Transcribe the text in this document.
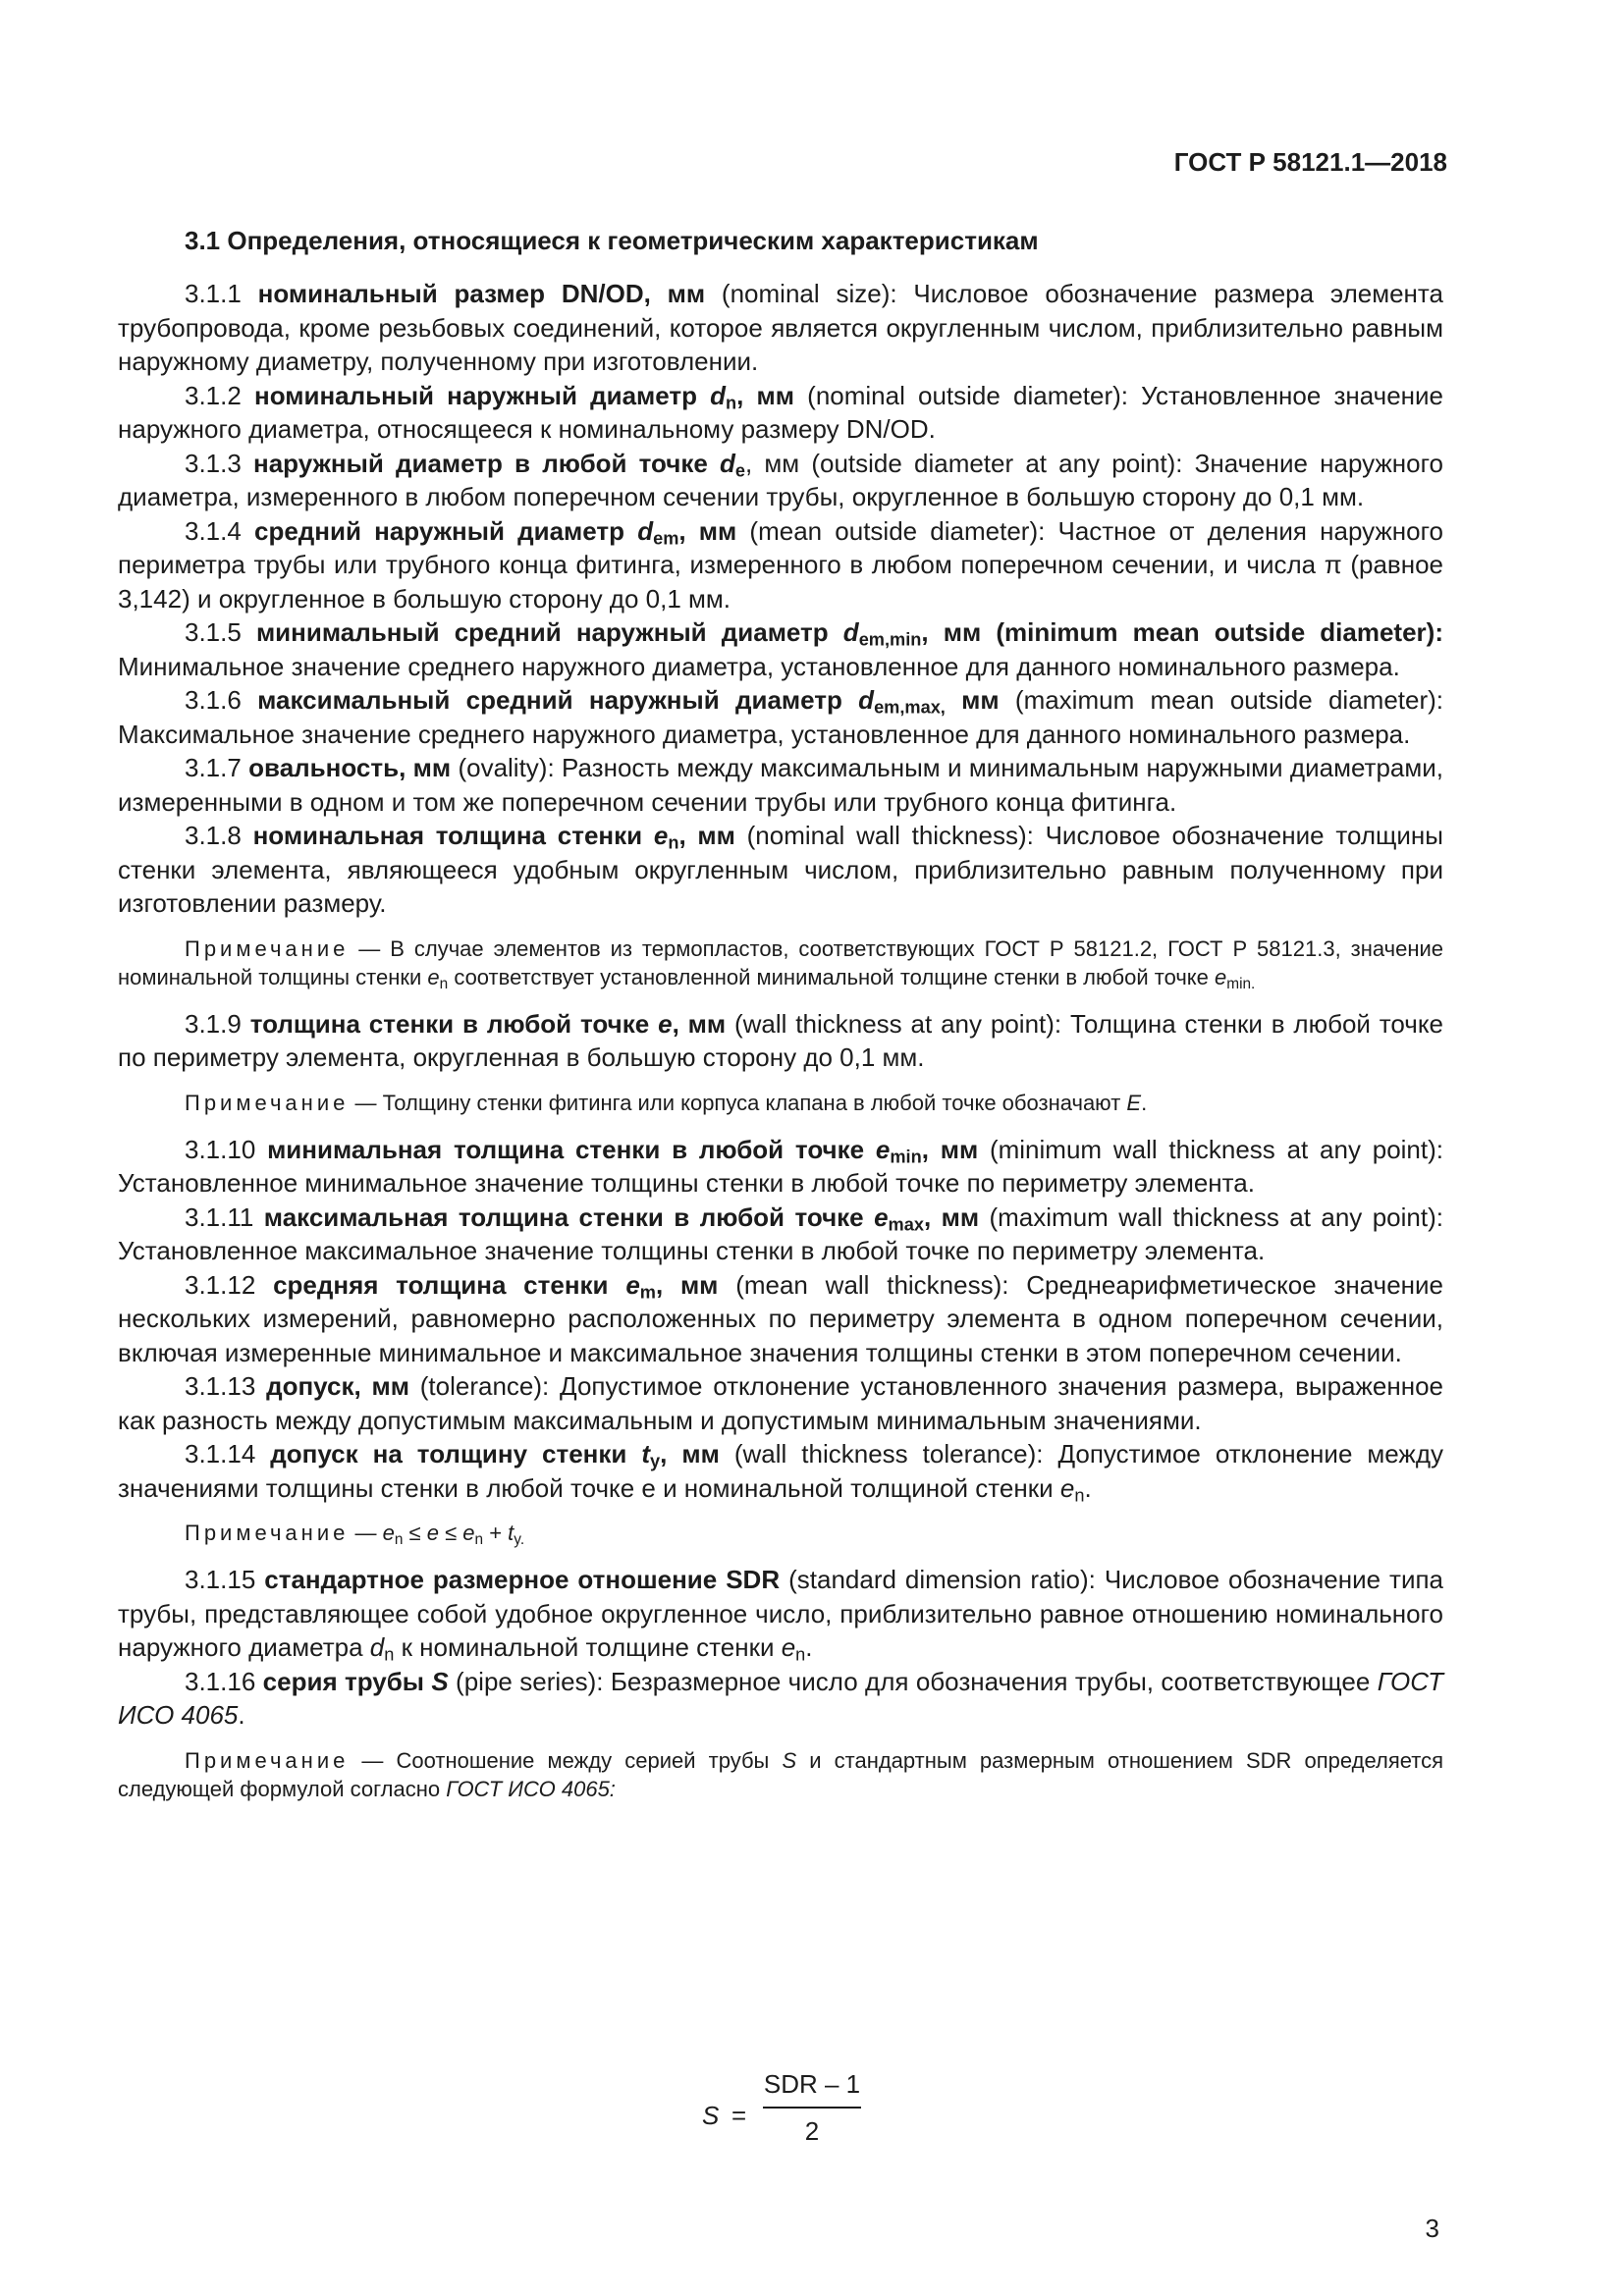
ГОСТ Р 58121.1—2018
3.1 Определения, относящиеся к геометрическим характеристикам

3.1.1 номинальный размер DN/OD, мм (nominal size): Числовое обозначение размера элемента трубопровода, кроме резьбовых соединений, которое является округленным числом, приблизительно равным наружному диаметру, полученному при изготовлении.

3.1.2 номинальный наружный диаметр $d_n$, мм (nominal outside diameter): Установленное значение наружного диаметра, относящееся к номинальному размеру DN/OD.

3.1.3 наружный диаметр в любой точке $d_e$, мм (outside diameter at any point): Значение наружного диаметра, измеренного в любом поперечном сечении трубы, округленное в большую сторону до 0,1 мм.

3.1.4 средний наружный диаметр $d_{em}$, мм (mean outside diameter): Частное от деления наружного периметра трубы или трубного конца фитинга, измеренного в любом поперечном сечении, и числа π (равное 3,142) и округленное в большую сторону до 0,1 мм.

3.1.5 минимальный средний наружный диаметр $d_{em,min}$, мм (minimum mean outside diameter): Минимальное значение среднего наружного диаметра, установленное для данного номинального размера.

3.1.6 максимальный средний наружный диаметр $d_{em,max,}$ мм (maximum mean outside diameter): Максимальное значение среднего наружного диаметра, установленное для данного номинального размера.

3.1.7 овальность, мм (ovality): Разность между максимальным и минимальным наружными диаметрами, измеренными в одном и том же поперечном сечении трубы или трубного конца фитинга.

3.1.8 номинальная толщина стенки $e_n$, мм (nominal wall thickness): Числовое обозначение толщины стенки элемента, являющееся удобным округленным числом, приблизительно равным полученному при изготовлении размеру.

Примечание — В случае элементов из термопластов, соответствующих ГОСТ Р 58121.2, ГОСТ Р 58121.3, значение номинальной толщины стенки $e_n$ соответствует установленной минимальной толщине стенки в любой точке $e_{min.}$

3.1.9 толщина стенки в любой точке e, мм (wall thickness at any point): Толщина стенки в любой точке по периметру элемента, округленная в большую сторону до 0,1 мм.

Примечание — Толщину стенки фитинга или корпуса клапана в любой точке обозначают E.

3.1.10 минимальная толщина стенки в любой точке $e_{min}$, мм (minimum wall thickness at any point): Установленное минимальное значение толщины стенки в любой точке по периметру элемента.

3.1.11 максимальная толщина стенки в любой точке $e_{max}$, мм (maximum wall thickness at any point): Установленное максимальное значение толщины стенки в любой точке по периметру элемента.

3.1.12 средняя толщина стенки $e_m$, мм (mean wall thickness): Среднеарифметическое значение нескольких измерений, равномерно расположенных по периметру элемента в одном поперечном сечении, включая измеренные минимальное и максимальное значения толщины стенки в этом поперечном сечении.

3.1.13 допуск, мм (tolerance): Допустимое отклонение установленного значения размера, выраженное как разность между допустимым максимальным и допустимым минимальным значениями.

3.1.14 допуск на толщину стенки $t_y$, мм (wall thickness tolerance): Допустимое отклонение между значениями толщины стенки в любой точке е и номинальной толщиной стенки $e_n$.

Примечание — $e_n \le e \le e_n + t_{y.}$

3.1.15 стандартное размерное отношение SDR (standard dimension ratio): Числовое обозначение типа трубы, представляющее собой удобное округленное число, приблизительно равное отношению номинального наружного диаметра $d_n$ к номинальной толщине стенки $e_n$.

3.1.16 серия трубы S (pipe series): Безразмерное число для обозначения трубы, соответствующее ГОСТ ИСО 4065.

Примечание — Соотношение между серией трубы S и стандартным размерным отношением SDR определяется следующей формулой согласно ГОСТ ИСО 4065:

S =
SDR – 1
2
3
